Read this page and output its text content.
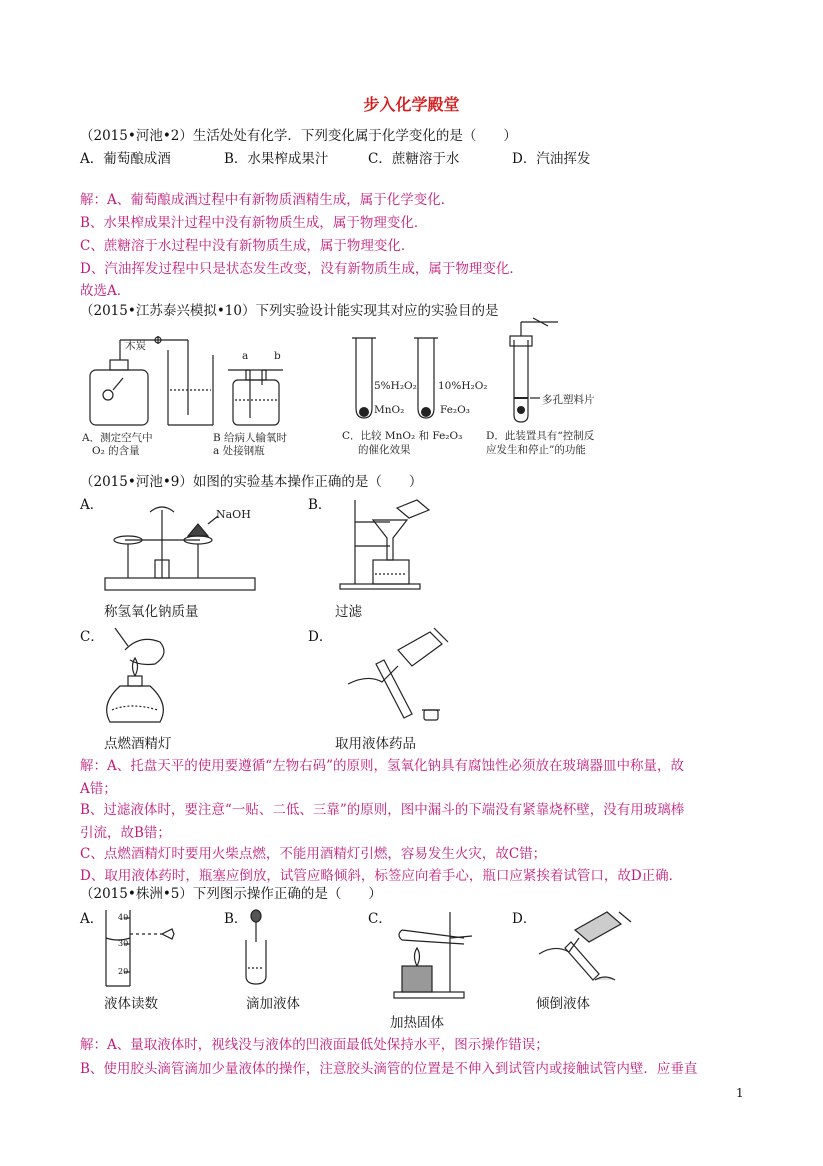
步入化学殿堂
（2015•河池•2）生活处处有化学．下列变化属于化学变化的是（　　）
A．葡萄酿成酒	B．水果榨成果汁	C．蔗糖溶于水	D．汽油挥发
解：A、葡萄酿成酒过程中有新物质酒精生成，属于化学变化．
B、水果榨成果汁过程中没有新物质生成，属于物理变化．
C、蔗糖溶于水过程中没有新物质生成，属于物理变化．
D、汽油挥发过程中只是状态发生改变，没有新物质生成，属于物理变化．
故选A．
（2015•江苏泰兴模拟•10）下列实验设计能实现其对应的实验目的是
木炭
a b
5%H₂O₂
MnO₂
10%H₂O₂
Fe₂O₃
多孔塑料片
A．测定空气中
O₂ 的含量
B 给病人输氧时
a 处接钢瓶
C．比较 MnO₂ 和 Fe₂O₃
的催化效果
D．此装置具有“控制反
应发生和停止”的功能
（2015•河池•9）如图的实验基本操作正确的是（　　）
A．	B．
NaOH
称氢氧化钠质量	过滤
C．	D．
点燃酒精灯	取用液体药品
解：A、托盘天平的使用要遵循“左物右码”的原则，氢氧化钠具有腐蚀性必须放在玻璃器皿中称量，故
A错；
B、过滤液体时，要注意“一贴、二低、三靠”的原则，图中漏斗的下端没有紧靠烧杯壁，没有用玻璃棒
引流，故B错；
C、点燃酒精灯时要用火柴点燃，不能用酒精灯引燃，容易发生火灾，故C错；
D、取用液体药时，瓶塞应倒放，试管应略倾斜，标签应向着手心，瓶口应紧挨着试管口，故D正确．
（2015•株洲•5）下列图示操作正确的是（　　）
A．	B．	C．	D．
40
30
20
液体读数	滴加液体
加热固体
倾倒液体
解：A、量取液体时，视线没与液体的凹液面最低处保持水平，图示操作错误；
B、使用胶头滴管滴加少量液体的操作，注意胶头滴管的位置是不伸入到试管内或接触试管内壁．应垂直
1
